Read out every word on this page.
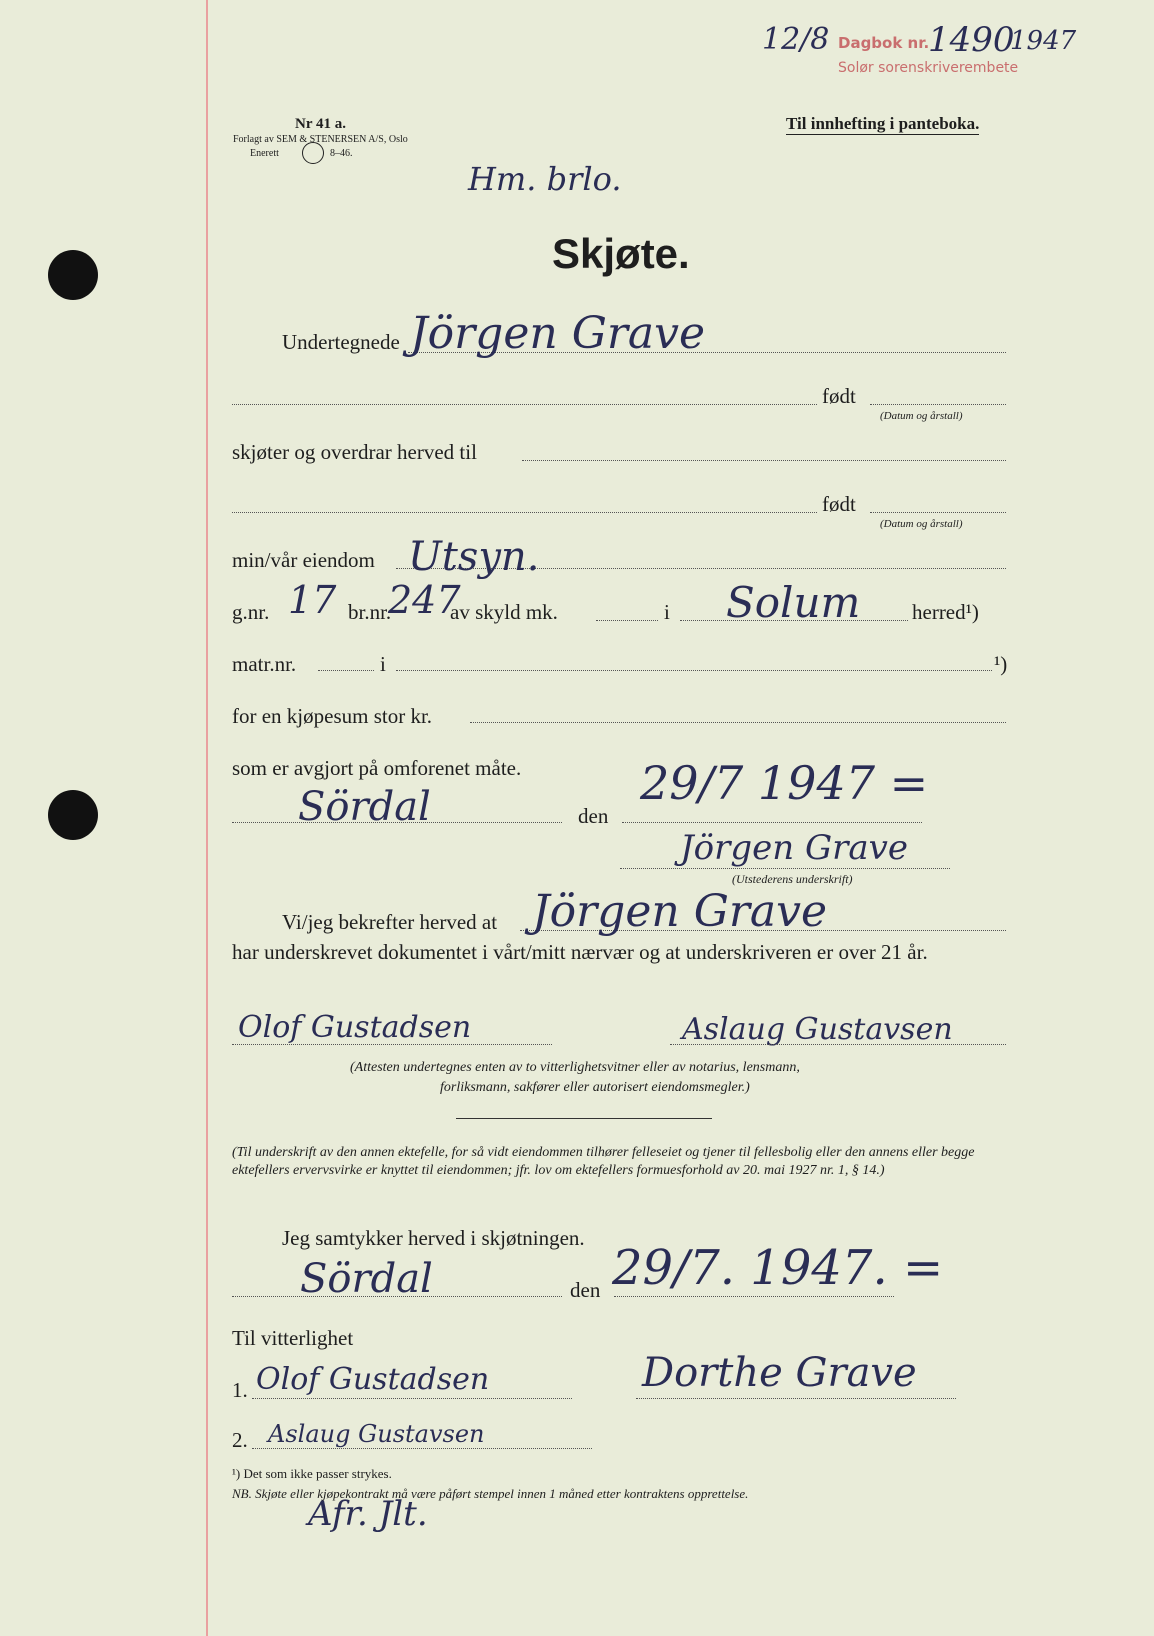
12/8 Dagbok nr.
1490
1947
Solør sorenskriverembete
Nr 41 a.
Forlagt av SEM & STENERSEN A/S, Oslo
Enerett	8–46.
Til innhefting i panteboka.
Hm. brlo.
Skjøte.
Undertegnede Jörgen Grave
født
(Datum og årstall)
skjøter og overdrar herved til
født
(Datum og årstall)
min/vår eiendom Utsyn.
g.nr. 17 br.nr.
247
av skyld mk.	i Solum herred¹)
matr.nr.	i	¹)
for en kjøpesum stor kr.
som er avgjort på omforenet måte.
Sördal	den
29/7 1947 =
Jörgen Grave
(Utstederens underskrift)
Vi/jeg bekrefter herved at Jörgen Grave
har underskrevet dokumentet i vårt/mitt nærvær og at underskriveren er over 21 år.
Olof Gustadsen	Aslaug Gustavsen
(Attesten undertegnes enten av to vitterlighetsvitner eller av notarius, lensmann,
forliksmann, sakfører eller autorisert eiendomsmegler.)
(Til underskrift av den annen ektefelle, for så vidt eiendommen tilhører felleseiet og tjener til fellesbolig eller den annens eller begge ektefellers ervervsvirke er knyttet til eiendommen; jfr. lov om ektefellers formuesforhold av 20. mai 1927 nr. 1, § 14.)
Jeg samtykker herved i skjøtningen.
Sördal	den 29/7. 1947. =
Til vitterlighet
1. Olof Gustadsen	Dorthe Grave
2. Aslaug Gustavsen
¹) Det som ikke passer strykes.
NB. Skjøte eller kjøpekontrakt må være påført stempel innen 1 måned etter kontraktens opprettelse.
Afr. Jlt.
